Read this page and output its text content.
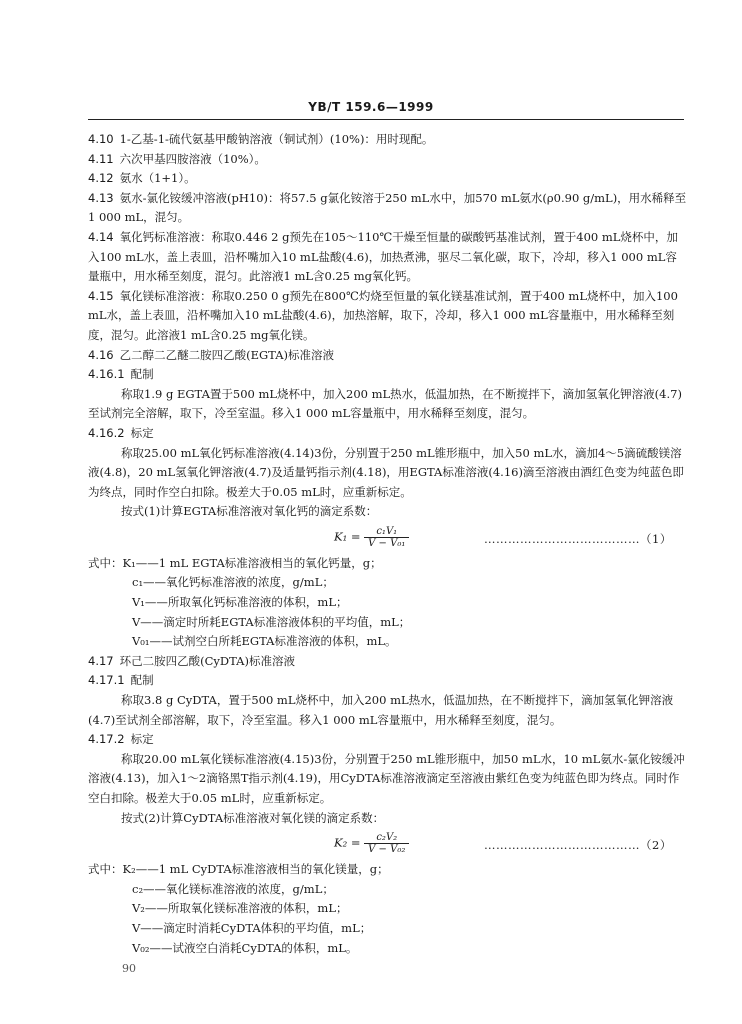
YB/T 159.6—1999

4.10 1-乙基-1-硫代氨基甲酸钠溶液（铜试剂）(10%)：用时现配。

4.11 六次甲基四胺溶液（10%）。

4.12 氨水（1+1）。

4.13 氨水-氯化铵缓冲溶液(pH10)：将57.5 g氯化铵溶于250 mL水中，加570 mL氨水(ρ0.90 g/mL)，用水稀释至1 000 mL，混匀。

4.14 氧化钙标准溶液：称取0.446 2 g预先在105～110℃干燥至恒量的碳酸钙基准试剂，置于400 mL烧杯中，加入100 mL水，盖上表皿，沿杯嘴加入10 mL盐酸(4.6)，加热煮沸，驱尽二氧化碳，取下，冷却，移入1 000 mL容量瓶中，用水稀至刻度，混匀。此溶液1 mL含0.25 mg氧化钙。

4.15 氧化镁标准溶液：称取0.250 0 g预先在800℃灼烧至恒量的氧化镁基准试剂，置于400 mL烧杯中，加入100 mL水，盖上表皿，沿杯嘴加入10 mL盐酸(4.6)，加热溶解，取下，冷却，移入1 000 mL容量瓶中，用水稀释至刻度，混匀。此溶液1 mL含0.25 mg氧化镁。

4.16 乙二醇二乙醚二胺四乙酸(EGTA)标准溶液

4.16.1 配制

称取1.9 g EGTA置于500 mL烧杯中，加入200 mL热水，低温加热，在不断搅拌下，滴加氢氧化钾溶液(4.7)至试剂完全溶解，取下，冷至室温。移入1 000 mL容量瓶中，用水稀释至刻度，混匀。

4.16.2 标定

称取25.00 mL氧化钙标准溶液(4.14)3份，分别置于250 mL锥形瓶中，加入50 mL水，滴加4～5滴硫酸镁溶液(4.8)，20 mL氢氧化钾溶液(4.7)及适量钙指示剂(4.18)，用EGTA标准溶液(4.16)滴至溶液由酒红色变为纯蓝色即为终点，同时作空白扣除。极差大于0.05 mL时，应重新标定。

按式(1)计算EGTA标准溶液对氧化钙的滴定系数：

$K_1 = \frac{\text{c₁V₁}}{\text{V − V₀₁}}$	…………………………………（1）

式中：K₁——1 mL EGTA标准溶液相当的氧化钙量，g；

c₁——氧化钙标准溶液的浓度，g/mL；

V₁——所取氧化钙标准溶液的体积，mL；

V——滴定时所耗EGTA标准溶液体积的平均值，mL；

V₀₁——试剂空白所耗EGTA标准溶液的体积，mL。

4.17 环己二胺四乙酸(CyDTA)标准溶液

4.17.1 配制

称取3.8 g CyDTA，置于500 mL烧杯中，加入200 mL热水，低温加热，在不断搅拌下，滴加氢氧化钾溶液(4.7)至试剂全部溶解，取下，冷至室温。移入1 000 mL容量瓶中，用水稀释至刻度，混匀。

4.17.2 标定

称取20.00 mL氧化镁标准溶液(4.15)3份，分别置于250 mL锥形瓶中，加50 mL水，10 mL氨水-氯化铵缓冲溶液(4.13)，加入1～2滴铬黑T指示剂(4.19)，用CyDTA标准溶液滴定至溶液由紫红色变为纯蓝色即为终点。同时作空白扣除。极差大于0.05 mL时，应重新标定。

按式(2)计算CyDTA标准溶液对氧化镁的滴定系数：

$K_2 = \frac{\text{c₂V₂}}{\text{V − V₀₂}}$	…………………………………（2）

式中：K₂——1 mL CyDTA标准溶液相当的氧化镁量，g；

c₂——氧化镁标准溶液的浓度，g/mL；

V₂——所取氧化镁标准溶液的体积，mL；

V——滴定时消耗CyDTA体积的平均值，mL；

V₀₂——试液空白消耗CyDTA的体积，mL。

90
